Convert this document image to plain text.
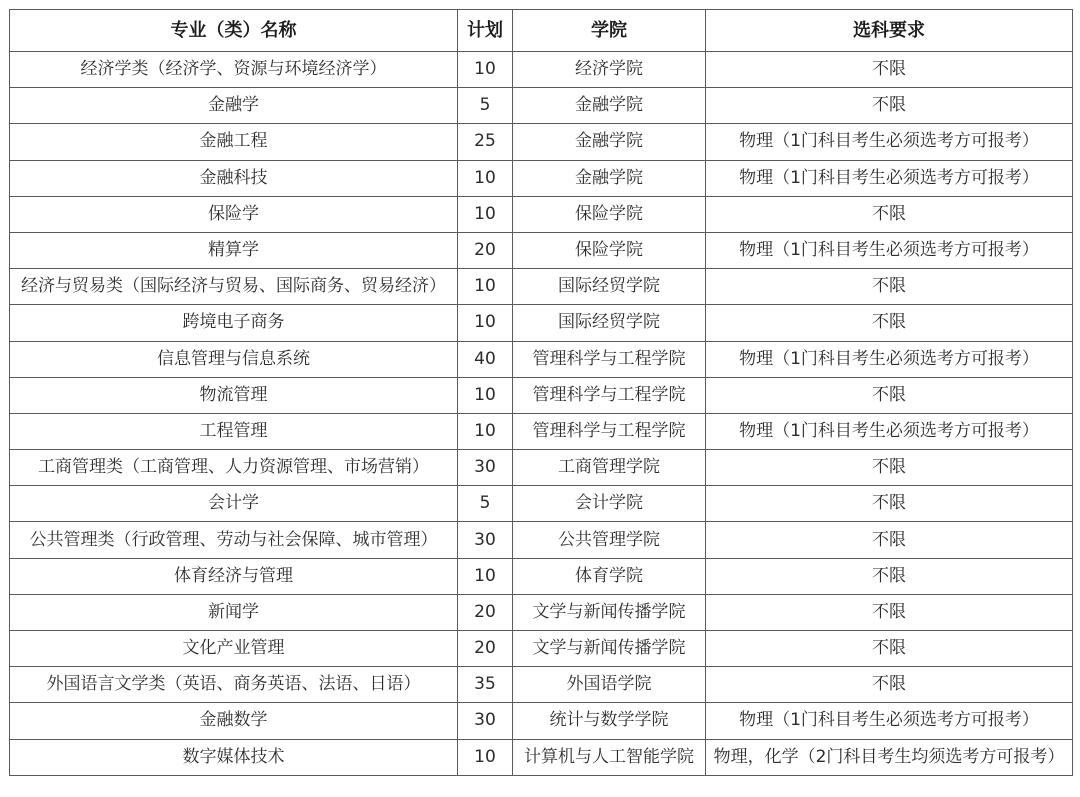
专业（类）名称	计划	学院	选科要求
经济学类（经济学、资源与环境经济学）	10	经济学院	不限
金融学	5	金融学院	不限
金融工程	25	金融学院	物理（1门科目考生必须选考方可报考）
金融科技	10	金融学院	物理（1门科目考生必须选考方可报考）
保险学	10	保险学院	不限
精算学	20	保险学院	物理（1门科目考生必须选考方可报考）
经济与贸易类（国际经济与贸易、国际商务、贸易经济）	10	国际经贸学院	不限
跨境电子商务	10	国际经贸学院	不限
信息管理与信息系统	40	管理科学与工程学院	物理（1门科目考生必须选考方可报考）
物流管理	10	管理科学与工程学院	不限
工程管理	10	管理科学与工程学院	物理（1门科目考生必须选考方可报考）
工商管理类（工商管理、人力资源管理、市场营销）	30	工商管理学院	不限
会计学	5	会计学院	不限
公共管理类（行政管理、劳动与社会保障、城市管理）	30	公共管理学院	不限
体育经济与管理	10	体育学院	不限
新闻学	20	文学与新闻传播学院	不限
文化产业管理	20	文学与新闻传播学院	不限
外国语言文学类（英语、商务英语、法语、日语）	35	外国语学院	不限
金融数学	30	统计与数学学院	物理（1门科目考生必须选考方可报考）
数字媒体技术	10	计算机与人工智能学院	物理，化学（2门科目考生均须选考方可报考）
